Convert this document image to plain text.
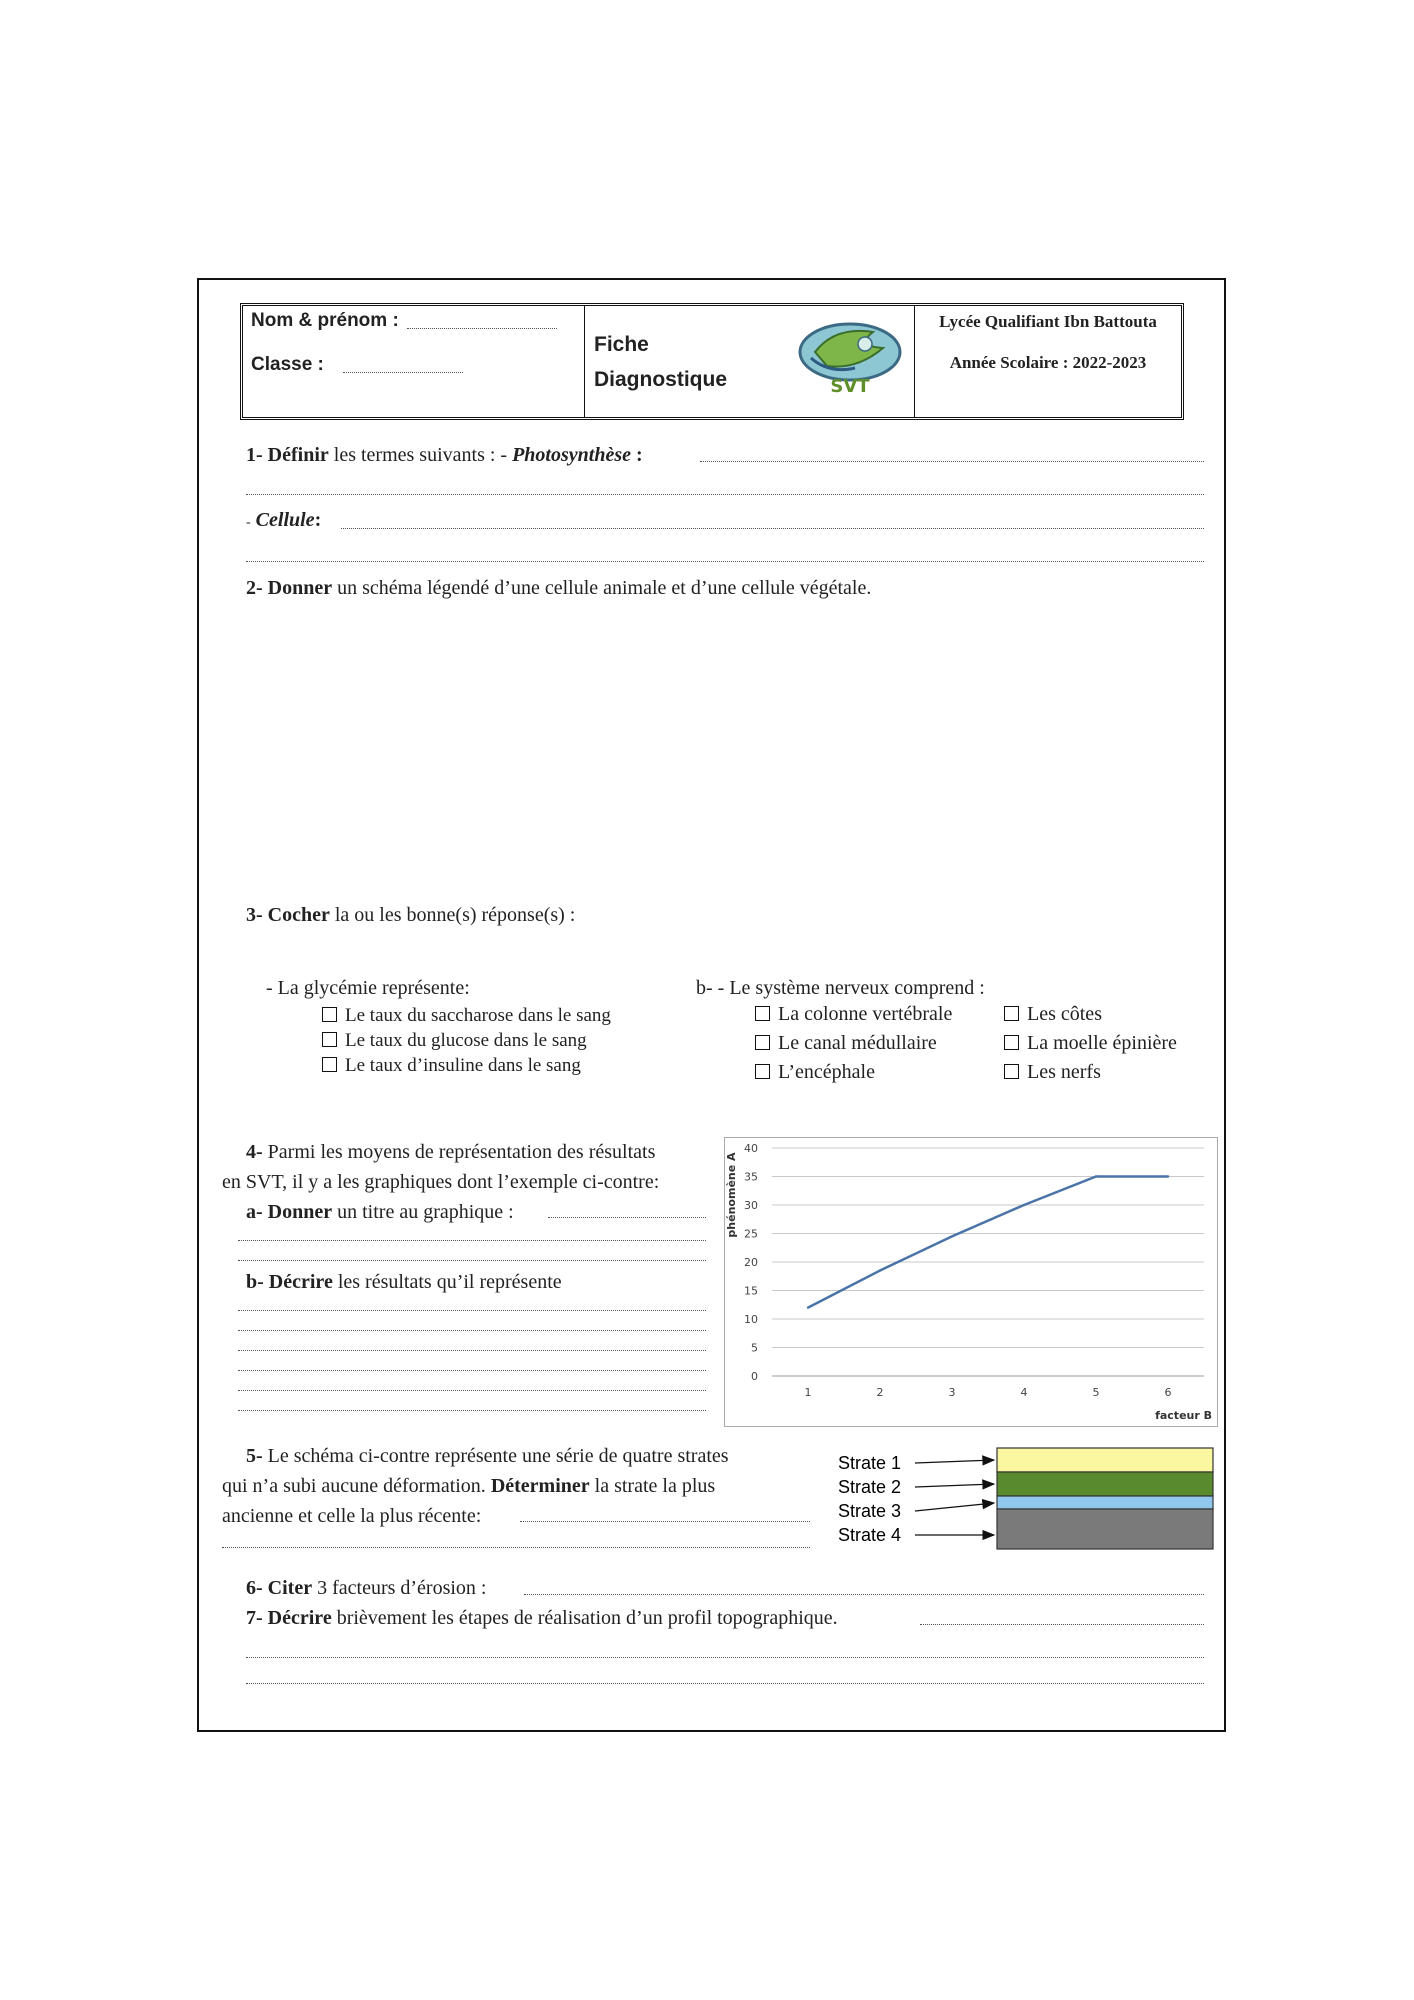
Nom & prénom :
Classe :
Fiche
Diagnostique	SVT
Lycée Qualifiant Ibn Battouta
Année Scolaire : 2022-2023
1- Définir les termes suivants : - Photosynthèse :
- Cellule:
2- Donner un schéma légendé d’une cellule animale et d’une cellule végétale.
3- Cocher la ou les bonne(s) réponse(s) :
- La glycémie représente:
Le taux du saccharose dans le sang
Le taux du glucose dans le sang
Le taux d’insuline dans le sang
b- - Le système nerveux comprend :
La colonne vertébrale	Les côtes
Le canal médullaire	La moelle épinière
L’encéphale	Les nerfs
4- Parmi les moyens de représentation des résultats
en SVT, il y a les graphiques dont l’exemple ci-contre:
a- Donner un titre au graphique :
b- Décrire les résultats qu’il représente
0
5
10
15
20
25
30
35
40
1	2	3	4	5	6
phénomène A
facteur B
5- Le schéma ci-contre représente une série de quatre strates
qui n’a subi aucune déformation. Déterminer la strate la plus
ancienne et celle la plus récente:
Strate 1
Strate 2
Strate 3
Strate 4
6- Citer 3 facteurs d’érosion :
7- Décrire brièvement les étapes de réalisation d’un profil topographique.
